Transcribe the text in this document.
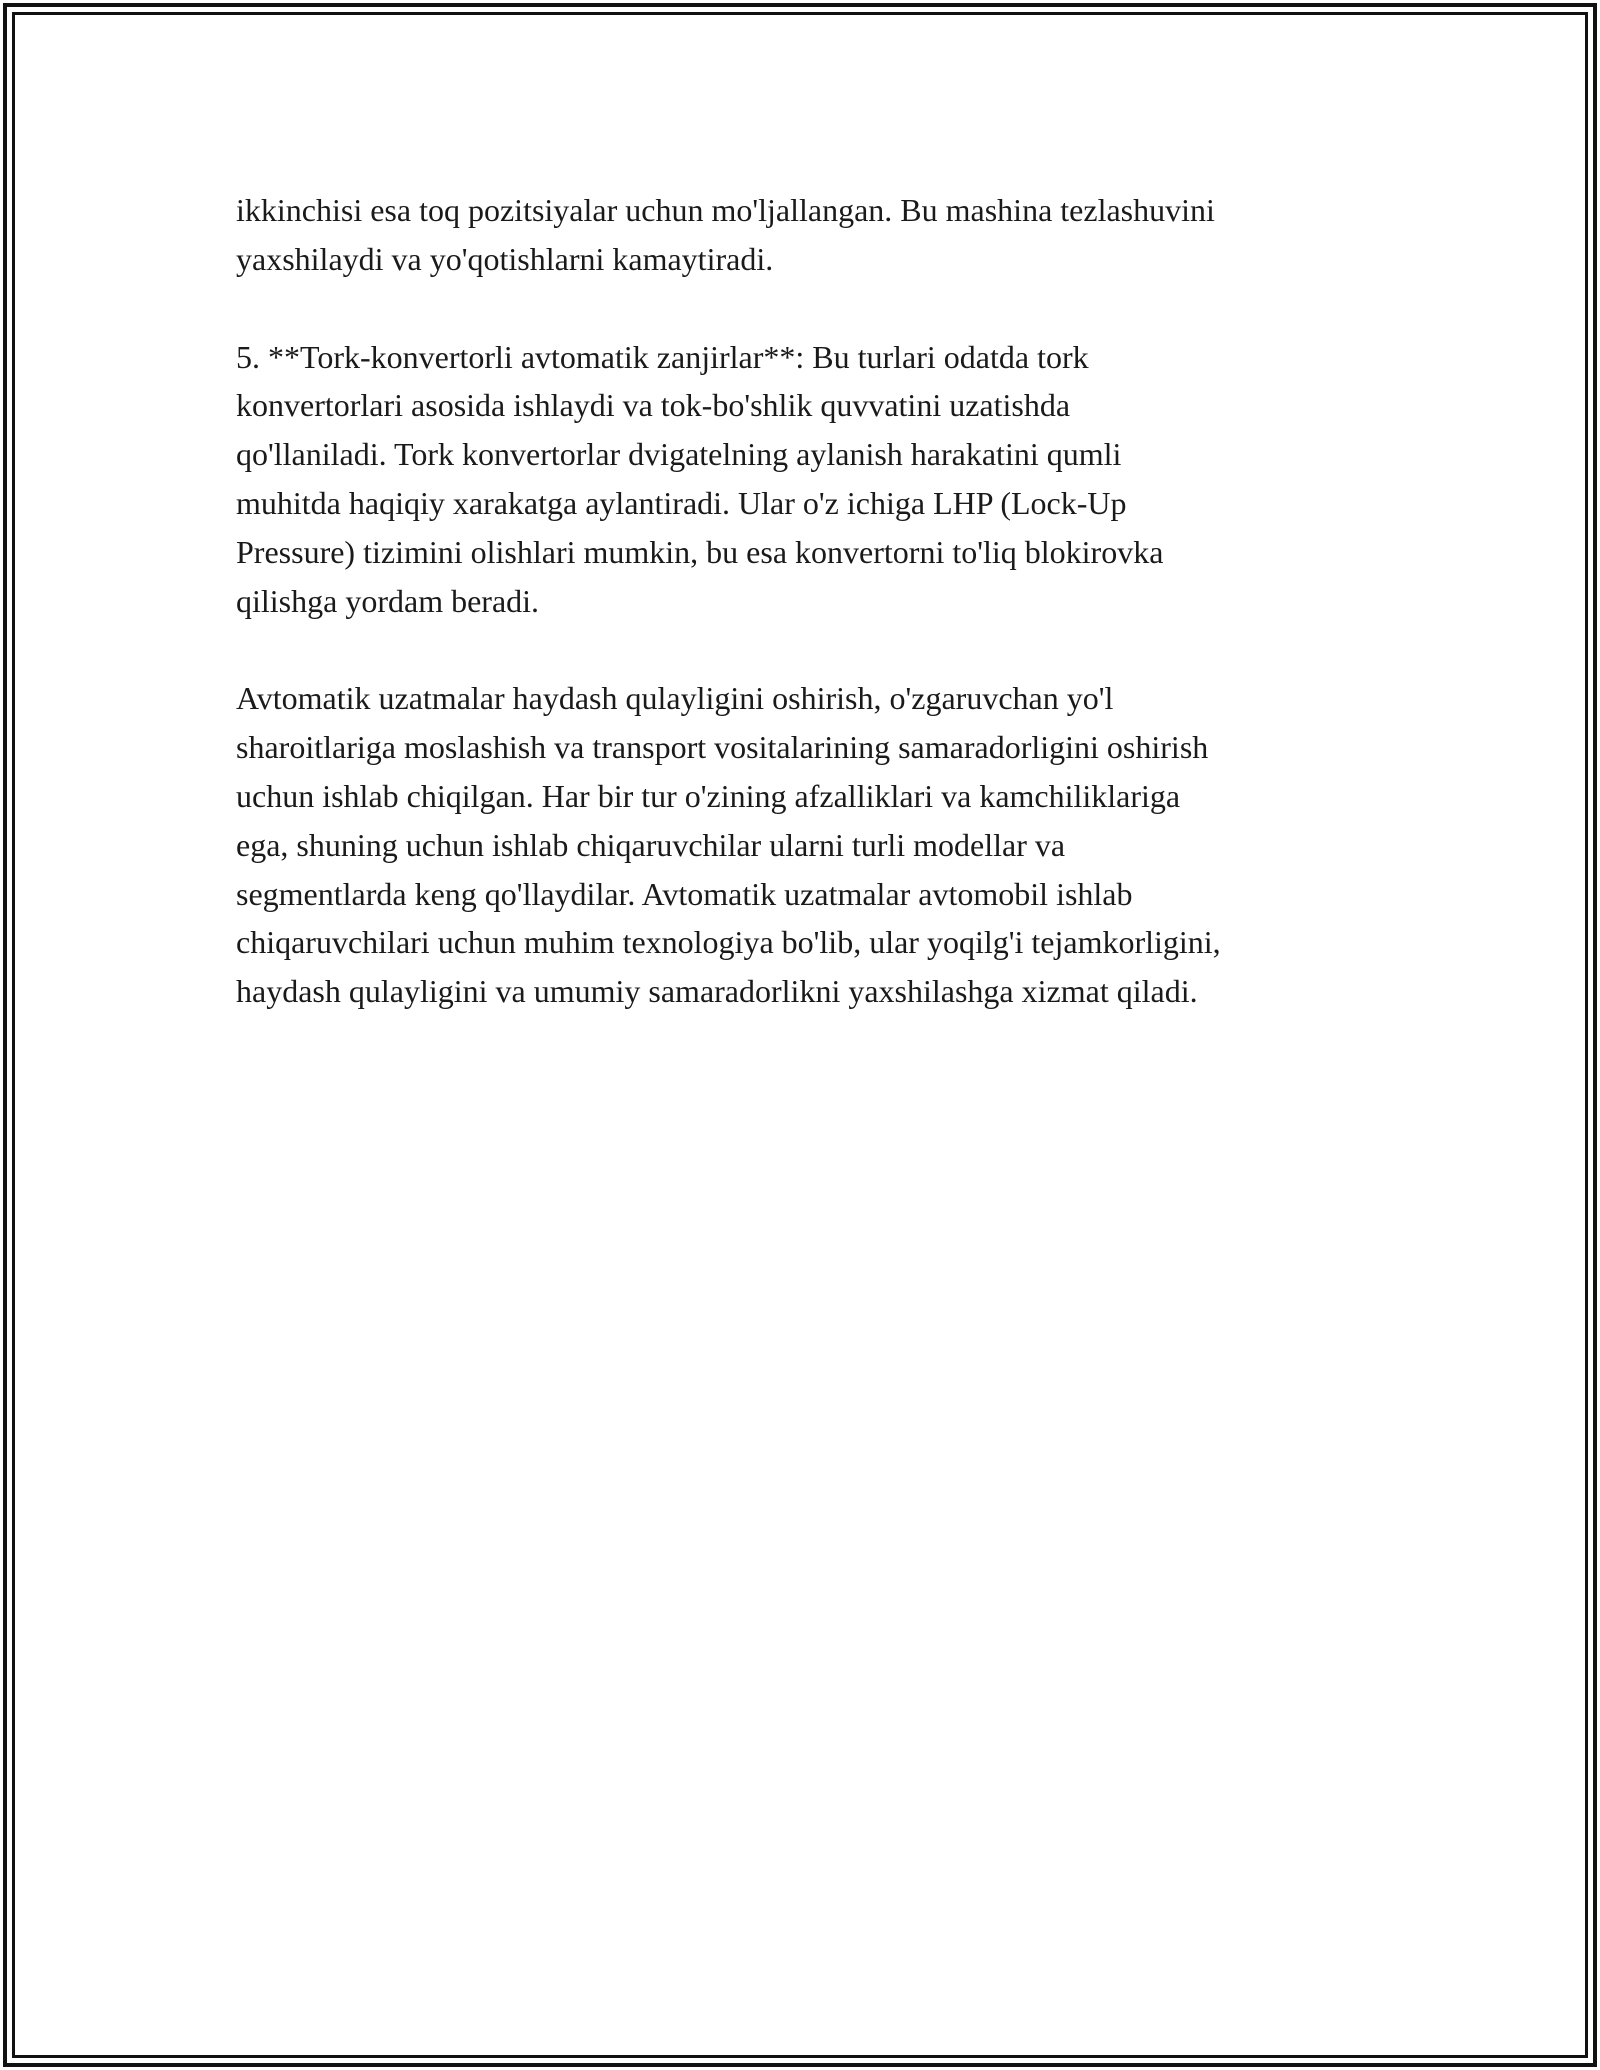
ikkinchisi esa toq pozitsiyalar uchun mo'ljallangan. Bu mashina tezlashuvini
yaxshilaydi va yo'qotishlarni kamaytiradi.

5. **Tork-konvertorli avtomatik zanjirlar**: Bu turlari odatda tork
konvertorlari asosida ishlaydi va tok-bo'shlik quvvatini uzatishda
qo'llaniladi. Tork konvertorlar dvigatelning aylanish harakatini qumli
muhitda haqiqiy xarakatga aylantiradi. Ular o'z ichiga LHP (Lock-Up
Pressure) tizimini olishlari mumkin, bu esa konvertorni to'liq blokirovka
qilishga yordam beradi.

Avtomatik uzatmalar haydash qulayligini oshirish, o'zgaruvchan yo'l
sharoitlariga moslashish va transport vositalarining samaradorligini oshirish
uchun ishlab chiqilgan. Har bir tur o'zining afzalliklari va kamchiliklariga
ega, shuning uchun ishlab chiqaruvchilar ularni turli modellar va
segmentlarda keng qo'llaydilar. Avtomatik uzatmalar avtomobil ishlab
chiqaruvchilari uchun muhim texnologiya bo'lib, ular yoqilg'i tejamkorligini,
haydash qulayligini va umumiy samaradorlikni yaxshilashga xizmat qiladi.
